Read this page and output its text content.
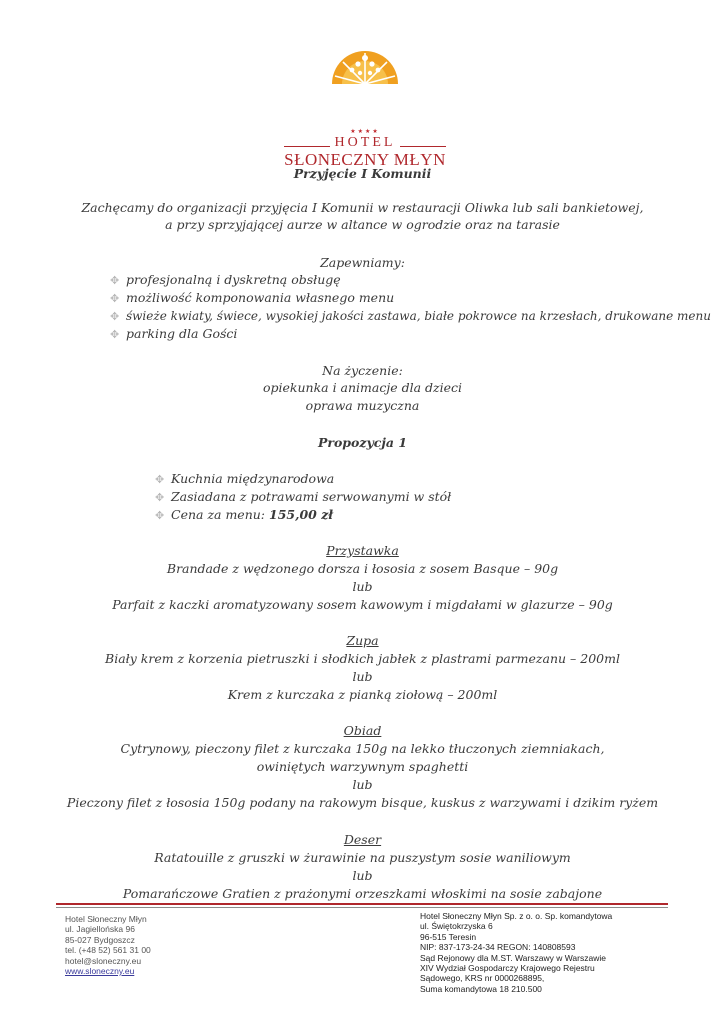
★★★★
HOTEL
SŁONECZNY MŁYN
Przyjęcie I Komunii
Zachęcamy do organizacji przyjęcia I Komunii w restauracji Oliwka lub sali bankietowej,
a przy sprzyjającej aurze w altance w ogrodzie oraz na tarasie
Zapewniamy:
✥ profesjonalną i dyskretną obsługę
✥ możliwość komponowania własnego menu
✥ świeże kwiaty, świece, wysokiej jakości zastawa, białe pokrowce na krzesłach, drukowane menu
✥ parking dla Gości
Na życzenie:
opiekunka i animacje dla dzieci
oprawa muzyczna
Propozycja 1
✥ Kuchnia międzynarodowa
✥ Zasiadana z potrawami serwowanymi w stół
✥ Cena za menu: 155,00 zł
Przystawka
Brandade z wędzonego dorsza i łososia z sosem Basque – 90g
lub
Parfait z kaczki aromatyzowany sosem kawowym i migdałami w glazurze – 90g
Zupa
Biały krem z korzenia pietruszki i słodkich jabłek z plastrami parmezanu – 200ml
lub
Krem z kurczaka z pianką ziołową – 200ml
Obiad
Cytrynowy, pieczony filet z kurczaka 150g na lekko tłuczonych ziemniakach,
owiniętych warzywnym spaghetti
lub
Pieczony filet z łososia 150g podany na rakowym bisque, kuskus z warzywami i dzikim ryżem
Deser
Ratatouille z gruszki w żurawinie na puszystym sosie waniliowym
lub
Pomarańczowe Gratien z prażonymi orzeszkami włoskimi na sosie zabajone
Hotel Słoneczny Młyn
ul. Jagiellońska 96
85-027 Bydgoszcz
tel. (+48 52) 561 31 00
hotel@sloneczny.eu
www.sloneczny.eu
Hotel Słoneczny Młyn Sp. z o. o. Sp. komandytowa
ul. Świętokrzyska 6
96-515 Teresin
NIP: 837-173-24-34 REGON: 140808593
Sąd Rejonowy dla M.ST. Warszawy w Warszawie
XIV Wydział Gospodarczy Krajowego Rejestru
Sądowego, KRS nr 0000268895,
Suma komandytowa 18 210.500
